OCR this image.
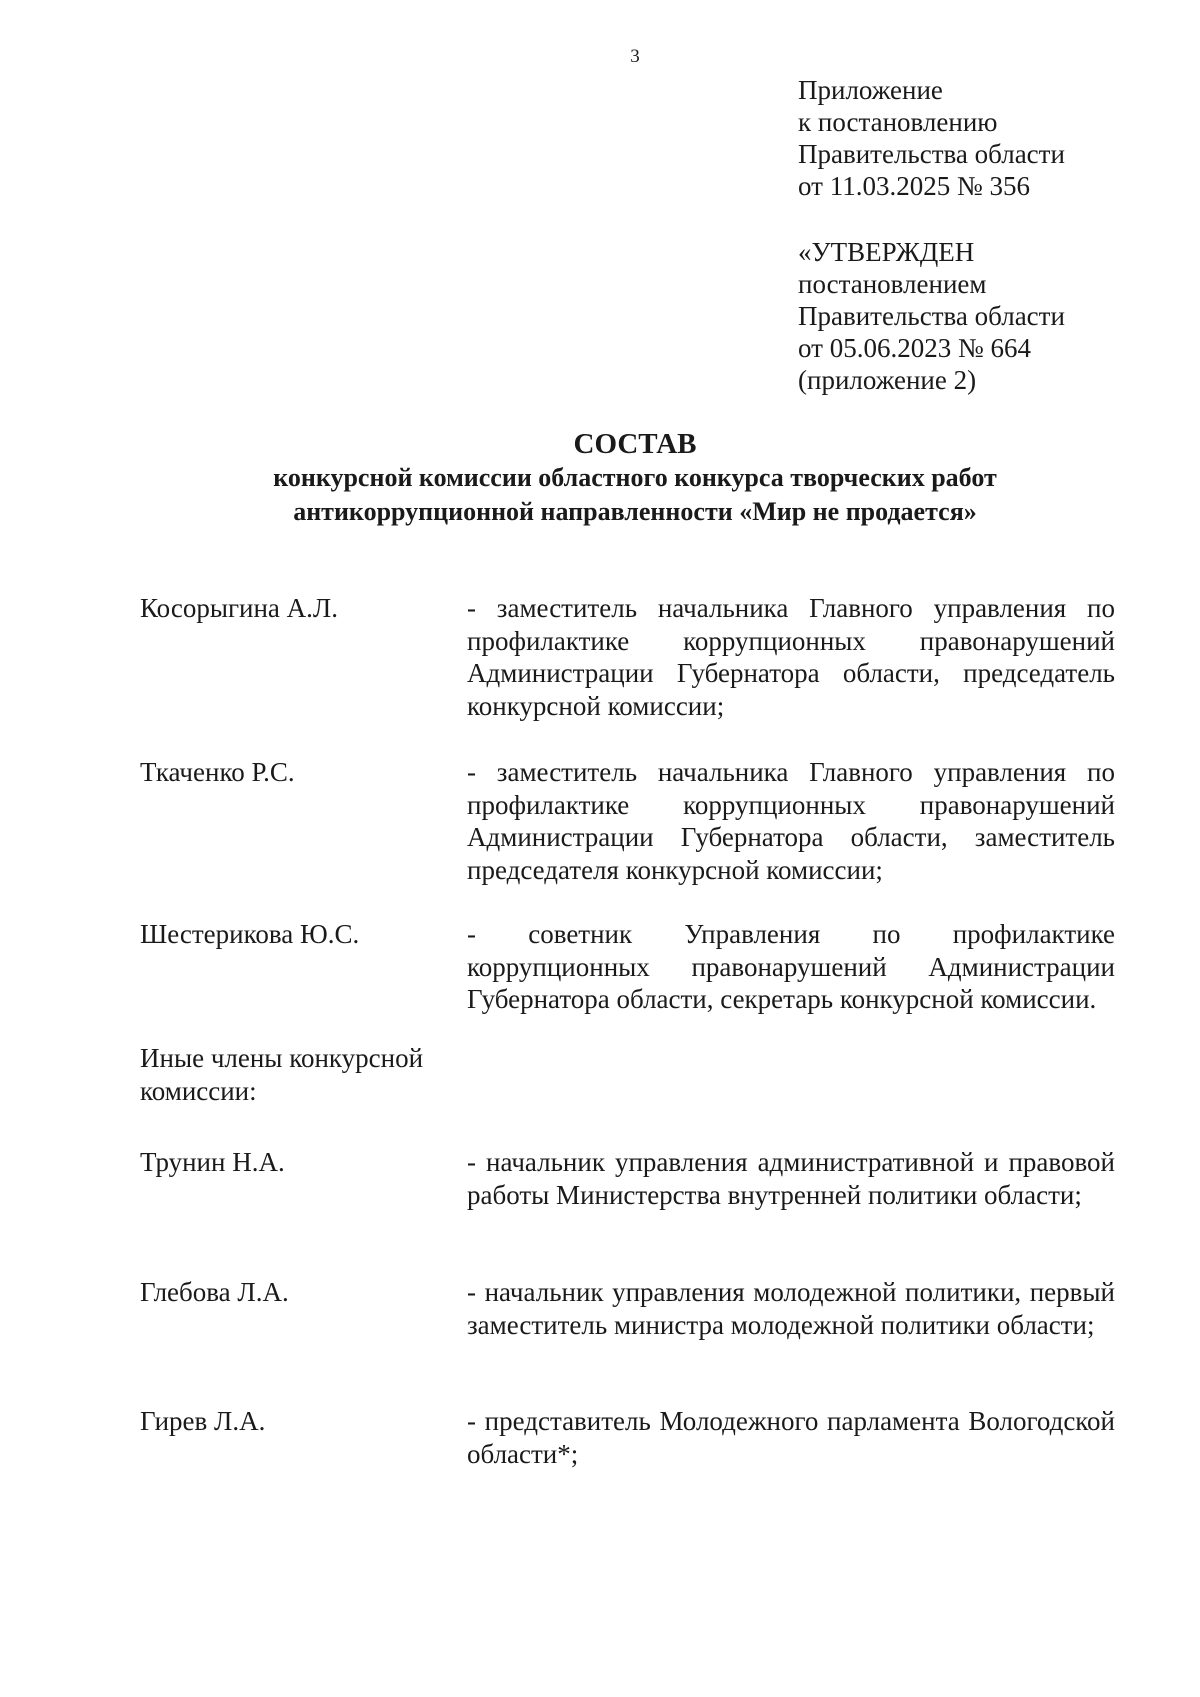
3
Приложение
к постановлению
Правительства области
от 11.03.2025 № 356
«УТВЕРЖДЕН
постановлением
Правительства области
от 05.06.2023 № 664
(приложение 2)
СОСТАВ
конкурсной комиссии областного конкурса творческих работ
антикоррупционной направленности «Мир не продается»
Косорыгина А.Л.	- заместитель начальника Главного управления по профилактике коррупционных правонарушений Администрации Губернатора области, председатель конкурсной комиссии;
Ткаченко Р.С.	- заместитель начальника Главного управления по профилактике коррупционных правонарушений Администрации Губернатора области, заместитель председателя конкурсной комиссии;
Шестерикова Ю.С.	- советник Управления по профилактике коррупционных правонарушений Администрации Губернатора области, секретарь конкурсной комиссии.
Иные члены конкурсной комиссии:
Трунин Н.А.	- начальник управления административной и правовой работы Министерства внутренней политики области;
Глебова Л.А.	- начальник управления молодежной политики, первый заместитель министра молодежной политики области;
Гирев Л.А.	- представитель Молодежного парламента Вологодской области*;
